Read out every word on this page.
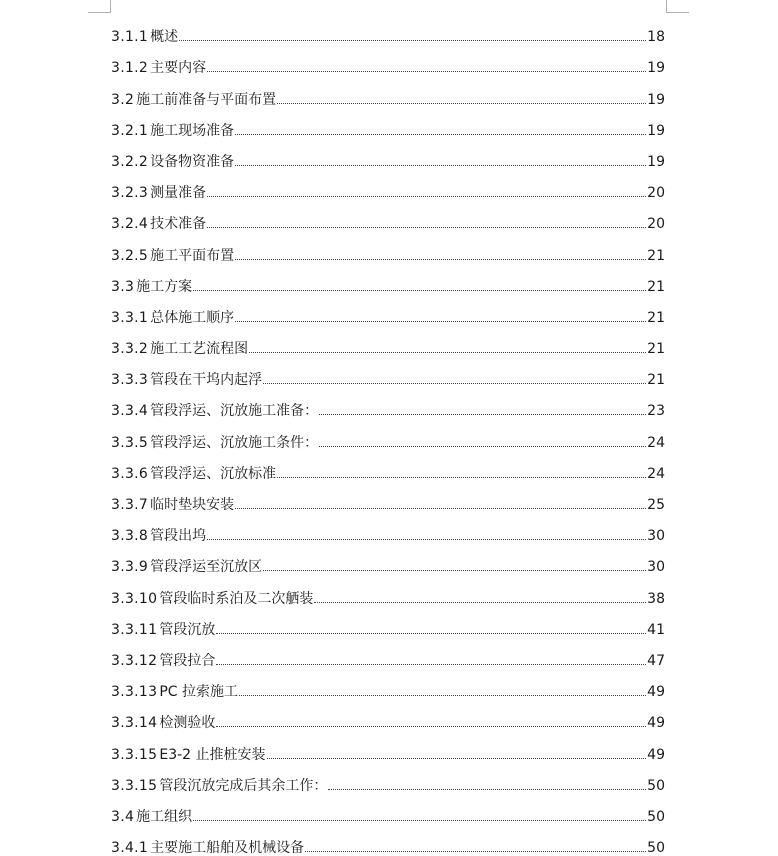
3.1.1 概述	18
3.1.2 主要内容	19
3.2 施工前准备与平面布置	19
3.2.1 施工现场准备	19
3.2.2 设备物资准备	19
3.2.3 测量准备	20
3.2.4 技术准备	20
3.2.5 施工平面布置	21
3.3 施工方案	21
3.3.1 总体施工顺序	21
3.3.2 施工工艺流程图	21
3.3.3 管段在干坞内起浮	21
3.3.4 管段浮运、沉放施工准备：	23
3.3.5 管段浮运、沉放施工条件：	24
3.3.6 管段浮运、沉放标准	24
3.3.7 临时垫块安装	25
3.3.8 管段出坞	30
3.3.9 管段浮运至沉放区	30
3.3.10 管段临时系泊及二次舾装	38
3.3.11 管段沉放	41
3.3.12 管段拉合	47
3.3.13 PC 拉索施工	49
3.3.14 检测验收	49
3.3.15 E3-2 止推桩安装	49
3.3.15 管段沉放完成后其余工作：	50
3.4 施工组织	50
3.4.1 主要施工船舶及机械设备	50
